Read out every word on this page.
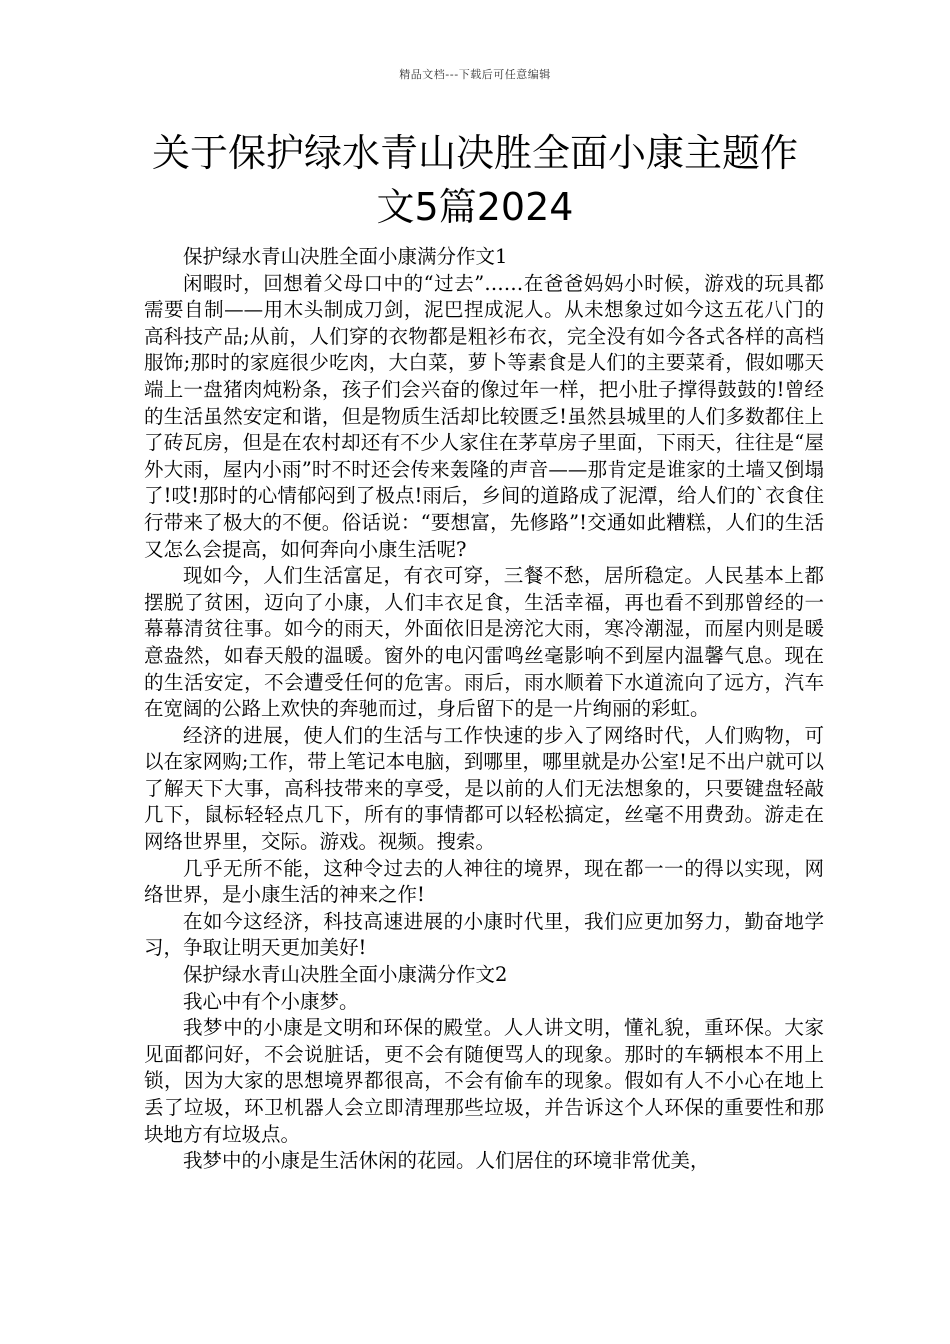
精品文档---下载后可任意编辑
关于保护绿水青山决胜全面小康主题作
文5篇2024

保护绿水青山决胜全面小康满分作文1

闲暇时，回想着父母口中的“过去”……在爸爸妈妈小时候，游戏的玩具都需要自制——用木头制成刀剑，泥巴捏成泥人。从未想象过如今这五花八门的高科技产品;从前，人们穿的衣物都是粗衫布衣，完全没有如今各式各样的高档服饰;那时的家庭很少吃肉，大白菜，萝卜等素食是人们的主要菜肴，假如哪天端上一盘猪肉炖粉条，孩子们会兴奋的像过年一样，把小肚子撑得鼓鼓的!曾经的生活虽然安定和谐，但是物质生活却比较匮乏!虽然县城里的人们多数都住上了砖瓦房，但是在农村却还有不少人家住在茅草房子里面，下雨天，往往是“屋外大雨，屋内小雨”时不时还会传来轰隆的声音——那肯定是谁家的土墙又倒塌了!哎!那时的心情郁闷到了极点!雨后，乡间的道路成了泥潭，给人们的`衣食住行带来了极大的不便。俗话说：“要想富，先修路”!交通如此糟糕，人们的生活又怎么会提高，如何奔向小康生活呢?

现如今，人们生活富足，有衣可穿，三餐不愁，居所稳定。人民基本上都摆脱了贫困，迈向了小康，人们丰衣足食，生活幸福，再也看不到那曾经的一幕幕清贫往事。如今的雨天，外面依旧是滂沱大雨，寒冷潮湿，而屋内则是暖意盎然，如春天般的温暖。窗外的电闪雷鸣丝毫影响不到屋内温馨气息。现在的生活安定，不会遭受任何的危害。雨后，雨水顺着下水道流向了远方，汽车在宽阔的公路上欢快的奔驰而过，身后留下的是一片绚丽的彩虹。

经济的进展，使人们的生活与工作快速的步入了网络时代，人们购物，可以在家网购;工作，带上笔记本电脑，到哪里，哪里就是办公室!足不出户就可以了解天下大事，高科技带来的享受，是以前的人们无法想象的，只要键盘轻敲几下，鼠标轻轻点几下，所有的事情都可以轻松搞定，丝毫不用费劲。游走在网络世界里，交际。游戏。视频。搜索。

几乎无所不能，这种令过去的人神往的境界，现在都一一的得以实现，网络世界，是小康生活的神来之作!

在如今这经济，科技高速进展的小康时代里，我们应更加努力，勤奋地学习，争取让明天更加美好!

保护绿水青山决胜全面小康满分作文2

我心中有个小康梦。

我梦中的小康是文明和环保的殿堂。人人讲文明，懂礼貌，重环保。大家见面都问好，不会说脏话，更不会有随便骂人的现象。那时的车辆根本不用上锁，因为大家的思想境界都很高，不会有偷车的现象。假如有人不小心在地上丢了垃圾，环卫机器人会立即清理那些垃圾，并告诉这个人环保的重要性和那块地方有垃圾点。

我梦中的小康是生活休闲的花园。人们居住的环境非常优美，
